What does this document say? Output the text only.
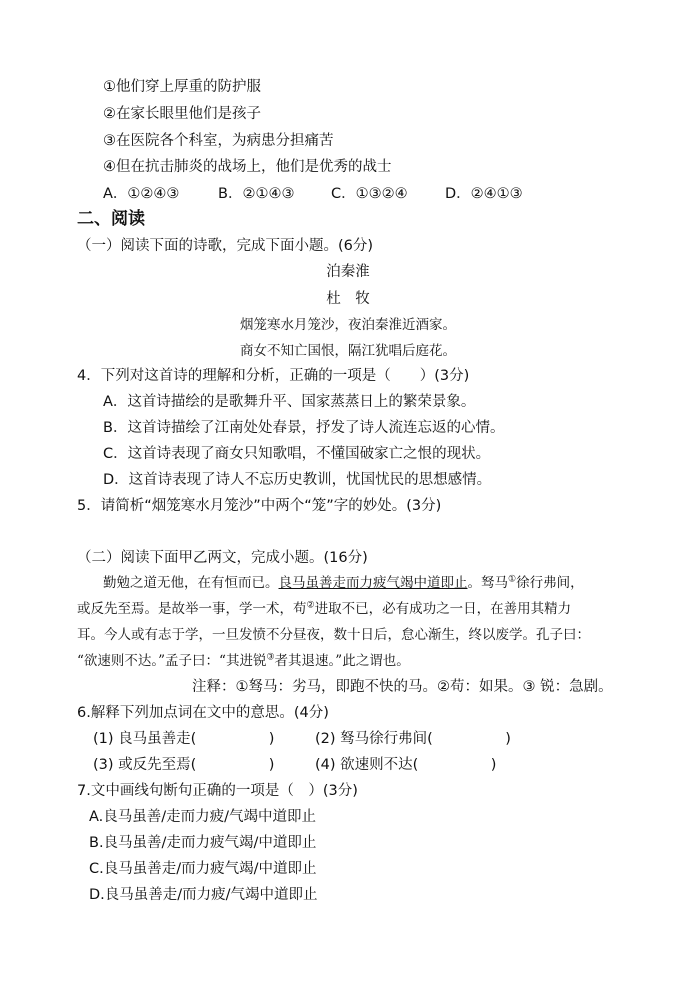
①他们穿上厚重的防护服
②在家长眼里他们是孩子
③在医院各个科室，为病患分担痛苦
④但在抗击肺炎的战场上，他们是优秀的战士
A．①②④③	B．②①④③	C．①③②④	D．②④①③
二、阅读
（一）阅读下面的诗歌，完成下面小题。(6分)
泊秦淮
杜　牧
烟笼寒水月笼沙，夜泊秦淮近酒家。
商女不知亡国恨，隔江犹唱后庭花。
4．下列对这首诗的理解和分析，正确的一项是（　　）(3分)
A．这首诗描绘的是歌舞升平、国家蒸蒸日上的繁荣景象。
B．这首诗描绘了江南处处春景，抒发了诗人流连忘返的心情。
C．这首诗表现了商女只知歌唱，不懂国破家亡之恨的现状。
D．这首诗表现了诗人不忘历史教训，忧国忧民的思想感情。
5．请简析“烟笼寒水月笼沙”中两个“笼”字的妙处。(3分)
（二）阅读下面甲乙两文，完成小题。(16分)
勤勉之道无他，在有恒而已。良马虽善走而力疲气竭中道即止。驽马①徐行弗间，
或反先至焉。是故举一事，学一术，苟②进取不已，必有成功之一日，在善用其精力
耳。今人或有志于学，一旦发愤不分昼夜，数十日后，怠心渐生，终以废学。孔子曰：
“欲速则不达。”孟子曰：“其进锐③者其退速。”此之谓也。
注释：①驽马：劣马，即跑不快的马。②苟：如果。③ 锐：急剧。
6.解释下列加点词在文中的意思。(4分)
(1) 良马虽善走(　　　　　)	(2) 驽马徐行弗间(　　　　　)
(3) 或反先至焉(　　　　　)	(4) 欲速则不达(　　　　　)
7.文中画线句断句正确的一项是（　）(3分)
A.良马虽善/走而力疲/气竭中道即止
B.良马虽善/走而力疲气竭/中道即止
C.良马虽善走/而力疲气竭/中道即止
D.良马虽善走/而力疲/气竭中道即止
